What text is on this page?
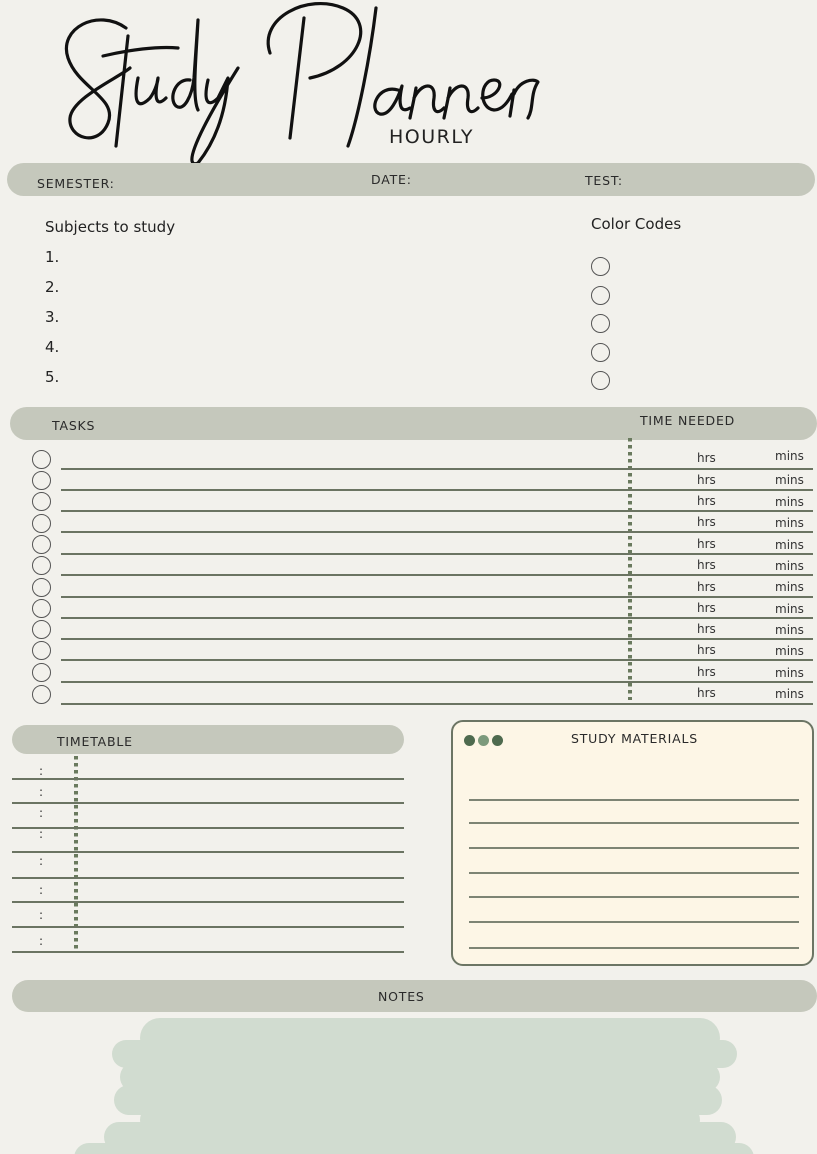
HOURLY
SEMESTER:	DATE:	TEST:
Subjects to study
1.
2.
3.
4.
5.
Color Codes
TASKS	TIME NEEDED
hrs	mins
hrs	mins
hrs	mins
hrs	mins
hrs	mins
hrs	mins
hrs	mins
hrs	mins
hrs	mins
hrs	mins
hrs	mins
hrs	mins
TIMETABLE
:
:
:
:
:
:
:
:
STUDY MATERIALS
NOTES
